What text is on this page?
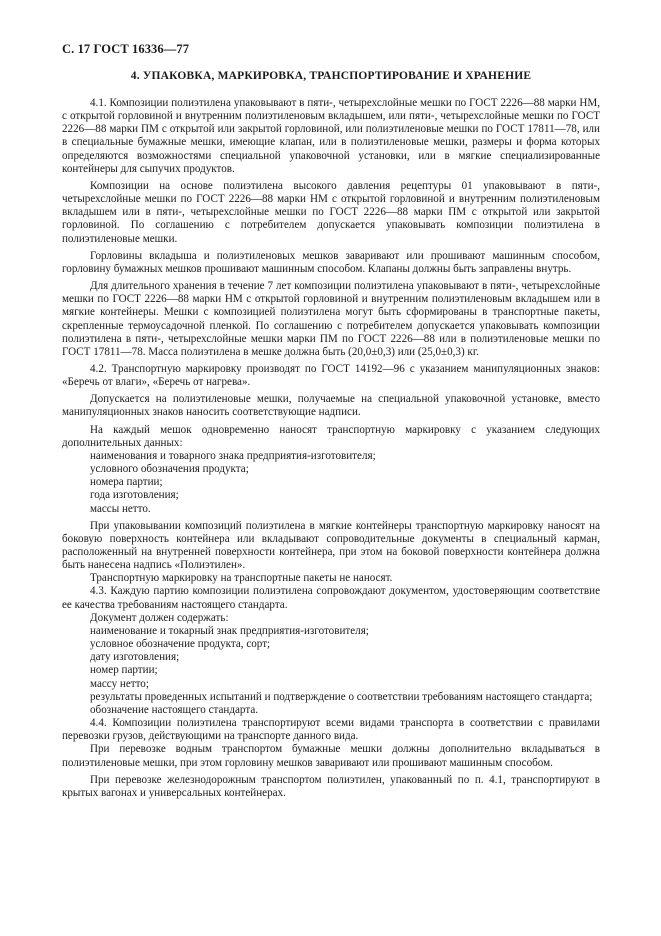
С. 17 ГОСТ 16336—77
4. УПАКОВКА, МАРКИРОВКА, ТРАНСПОРТИРОВАНИЕ И ХРАНЕНИЕ

4.1. Композиции полиэтилена упаковывают в пяти-, четырехслойные мешки по ГОСТ 2226—88 марки НМ, с открытой горловиной и внутренним полиэтиленовым вкладышем, или пяти-, четырехслойные мешки по ГОСТ 2226—88 марки ПМ с открытой или закрытой горловиной, или полиэтиленовые мешки по ГОСТ 17811—78, или в специальные бумажные мешки, имеющие клапан, или в полиэтиленовые мешки, размеры и форма которых определяются возможностями специальной упаковочной установки, или в мягкие специализированные контейнеры для сыпучих продуктов.

Композиции на основе полиэтилена высокого давления рецептуры 01 упаковывают в пяти-, четырехслойные мешки по ГОСТ 2226—88 марки НМ с открытой горловиной и внутренним полиэтиленовым вкладышем или в пяти-, четырехслойные мешки по ГОСТ 2226—88 марки ПМ с открытой или закрытой горловиной. По соглашению с потребителем допускается упаковывать композиции полиэтилена в полиэтиленовые мешки.

Горловины вкладыша и полиэтиленовых мешков заваривают или прошивают машинным способом, горловину бумажных мешков прошивают машинным способом. Клапаны должны быть заправлены внутрь.

Для длительного хранения в течение 7 лет композиции полиэтилена упаковывают в пяти-, четырехслойные мешки по ГОСТ 2226—88 марки НМ с открытой горловиной и внутренним полиэтиленовым вкладышем или в мягкие контейнеры. Мешки с композицией полиэтилена могут быть сформированы в транспортные пакеты, скрепленные термоусадочной пленкой. По соглашению с потребителем допускается упаковывать композиции полиэтилена в пяти-, четырехслойные мешки марки ПМ по ГОСТ 2226—88 или в полиэтиленовые мешки по ГОСТ 17811—78. Масса полиэтилена в мешке должна быть (20,0±0,3) или (25,0±0,3) кг.

4.2. Транспортную маркировку производят по ГОСТ 14192—96 с указанием манипуляционных знаков: «Беречь от влаги», «Беречь от нагрева».

Допускается на полиэтиленовые мешки, получаемые на специальной упаковочной установке, вместо манипуляционных знаков наносить соответствующие надписи.

На каждый мешок одновременно наносят транспортную маркировку с указанием следующих дополнительных данных:

наименования и товарного знака предприятия-изготовителя;

условного обозначения продукта;

номера партии;

года изготовления;

массы нетто.

При упаковывании композиций полиэтилена в мягкие контейнеры транспортную маркировку наносят на боковую поверхность контейнера или вкладывают сопроводительные документы в специальный карман, расположенный на внутренней поверхности контейнера, при этом на боковой поверхности контейнера должна быть нанесена надпись «Полиэтилен».

Транспортную маркировку на транспортные пакеты не наносят.

4.3. Каждую партию композиции полиэтилена сопровождают документом, удостоверяющим соответствие ее качества требованиям настоящего стандарта.

Документ должен содержать:

наименование и токарный знак предприятия-изготовителя;

условное обозначение продукта, сорт;

дату изготовления;

номер партии;

массу нетто;

результаты проведенных испытаний и подтверждение о соответствии требованиям настоящего стандарта;

обозначение настоящего стандарта.

4.4. Композиции полиэтилена транспортируют всеми видами транспорта в соответствии с правилами перевозки грузов, действующими на транспорте данного вида.

При перевозке водным транспортом бумажные мешки должны дополнительно вкладываться в полиэтиленовые мешки, при этом горловину мешков заваривают или прошивают машинным способом.

При перевозке железнодорожным транспортом полиэтилен, упакованный по п. 4.1, транспортируют в крытых вагонах и универсальных контейнерах.
